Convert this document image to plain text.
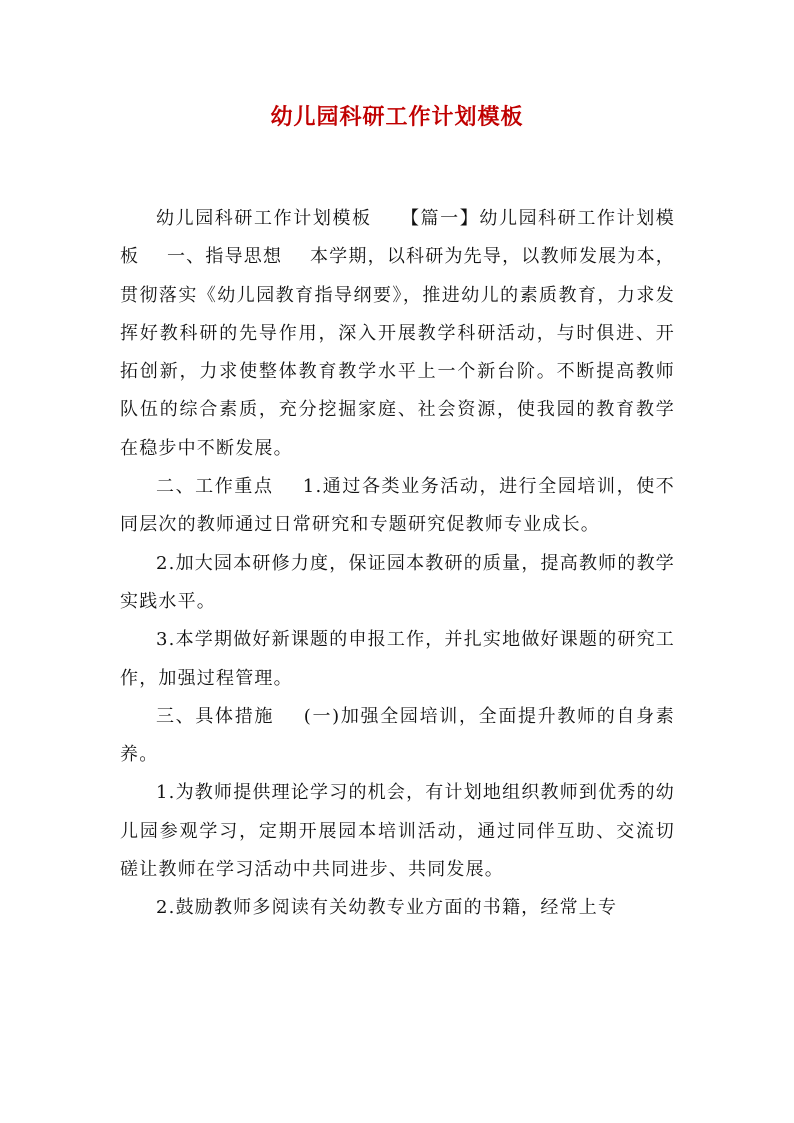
幼儿园科研工作计划模板

幼儿园科研工作计划模板    【篇一】幼儿园科研工作计划模板    一、指导思想    本学期，以科研为先导，以教师发展为本，贯彻落实《幼儿园教育指导纲要》，推进幼儿的素质教育，力求发挥好教科研的先导作用，深入开展教学科研活动，与时俱进、开拓创新，力求使整体教育教学水平上一个新台阶。不断提高教师队伍的综合素质，充分挖掘家庭、社会资源，使我园的教育教学在稳步中不断发展。

二、工作重点    1.通过各类业务活动，进行全园培训，使不同层次的教师通过日常研究和专题研究促教师专业成长。

2.加大园本研修力度，保证园本教研的质量，提高教师的教学实践水平。

3.本学期做好新课题的申报工作，并扎实地做好课题的研究工作，加强过程管理。

三、具体措施    (一)加强全园培训，全面提升教师的自身素养。

1.为教师提供理论学习的机会，有计划地组织教师到优秀的幼儿园参观学习，定期开展园本培训活动，通过同伴互助、交流切磋让教师在学习活动中共同进步、共同发展。

2.鼓励教师多阅读有关幼教专业方面的书籍，经常上专
